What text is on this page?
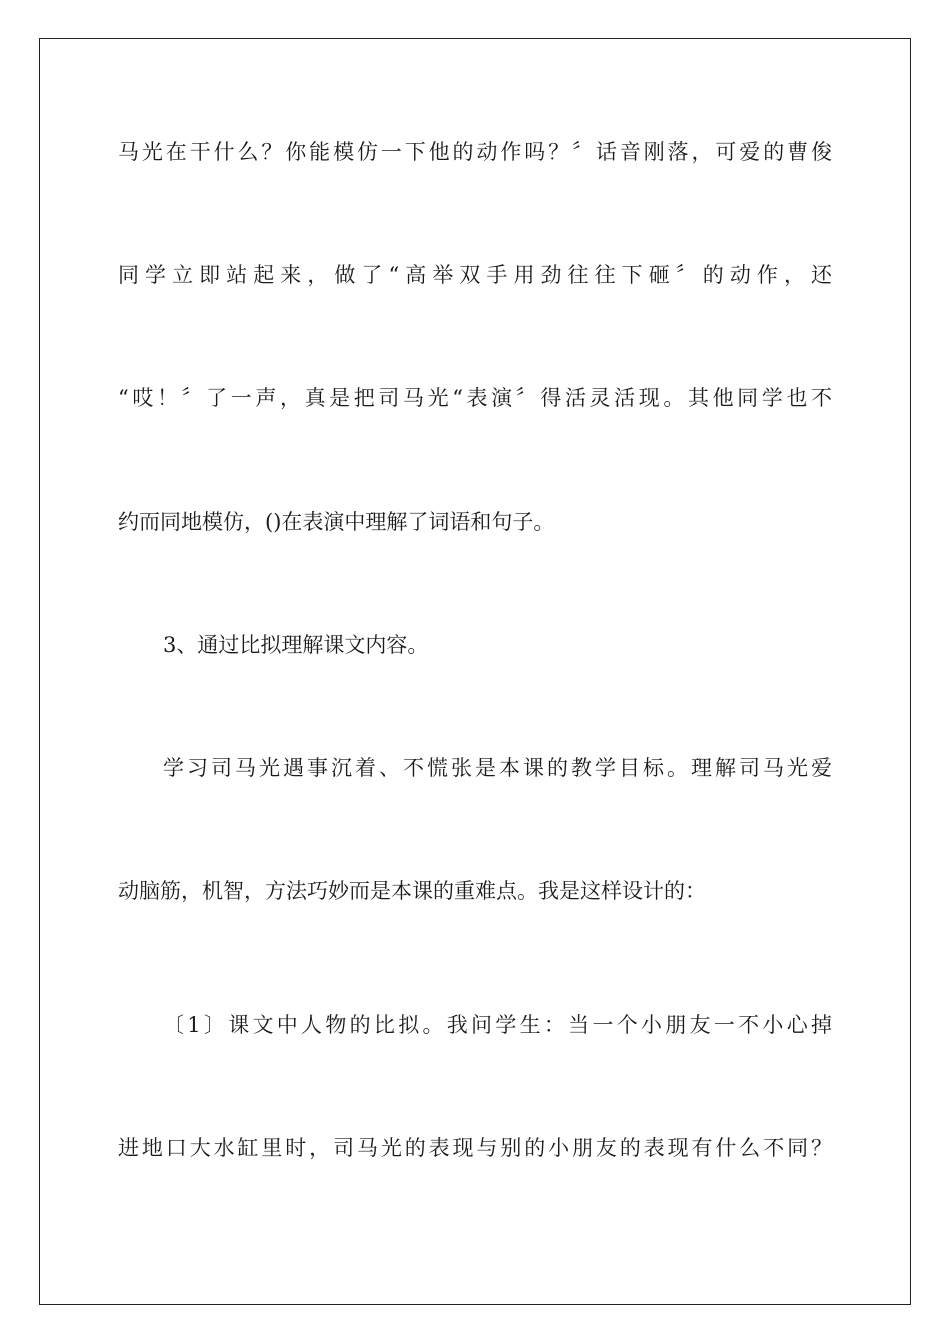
马光在干什么？你能模仿一下他的动作吗？〞话音刚落，可爱的曹俊
同学立即站起来，做了“高举双手用劲往往下砸〞的动作，还
“哎！〞了一声，真是把司马光“表演〞得活灵活现。其他同学也不
约而同地模仿，()在表演中理解了词语和句子。
3、通过比拟理解课文内容。
学习司马光遇事沉着、不慌张是本课的教学目标。理解司马光爱
动脑筋，机智，方法巧妙而是本课的重难点。我是这样设计的：
〔1〕课文中人物的比拟。我问学生：当一个小朋友一不小心掉
进地口大水缸里时，司马光的表现与别的小朋友的表现有什么不同？
